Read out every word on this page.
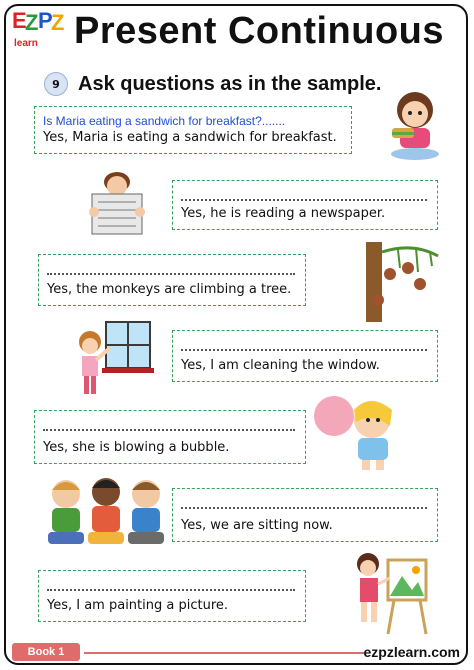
E
Z P
Z
learn Present Continuous
9 Ask questions as in the sample.
Is Maria eating a sandwich for breakfast?.......
Yes, Maria is eating a sandwich for breakfast.
Yes, he is reading a newspaper.
Yes, the monkeys are climbing a tree.
Yes, I am cleaning the window.
Yes, she is blowing a bubble.
Yes, we are sitting now.
Yes, I am painting a picture.
Book 1	ezpzlearn.com
